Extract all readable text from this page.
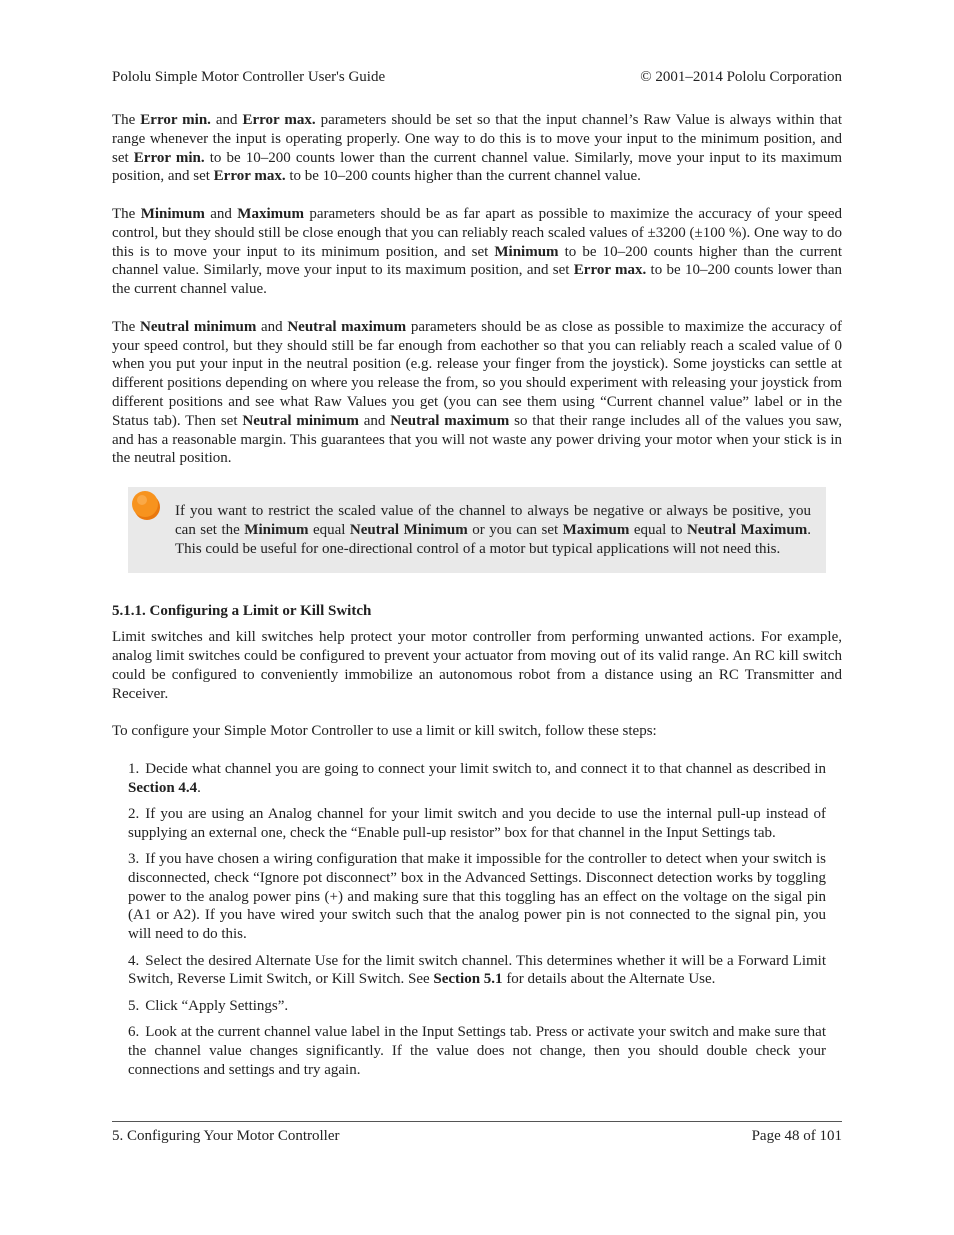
Pololu Simple Motor Controller User's Guide	© 2001–2014 Pololu Corporation

The Error min. and Error max. parameters should be set so that the input channel’s Raw Value is always within that range whenever the input is operating properly. One way to do this is to move your input to the minimum position, and set Error min. to be 10–200 counts lower than the current channel value. Similarly, move your input to its maximum position, and set Error max. to be 10–200 counts higher than the current channel value.

The Minimum and Maximum parameters should be as far apart as possible to maximize the accuracy of your speed control, but they should still be close enough that you can reliably reach scaled values of ±3200 (±100 %). One way to do this is to move your input to its minimum position, and set Minimum to be 10–200 counts higher than the current channel value. Similarly, move your input to its maximum position, and set Error max. to be 10–200 counts lower than the current channel value.

The Neutral minimum and Neutral maximum parameters should be as close as possible to maximize the accuracy of your speed control, but they should still be far enough from eachother so that you can reliably reach a scaled value of 0 when you put your input in the neutral position (e.g. release your finger from the joystick). Some joysticks can settle at different positions depending on where you release the from, so you should experiment with releasing your joystick from different positions and see what Raw Values you get (you can see them using “Current channel value” label or in the Status tab). Then set Neutral minimum and Neutral maximum so that their range includes all of the values you saw, and has a reasonable margin. This guarantees that you will not waste any power driving your motor when your stick is in the neutral position.

If you want to restrict the scaled value of the channel to always be negative or always be positive, you can set the Minimum equal Neutral Minimum or you can set Maximum equal to Neutral Maximum. This could be useful for one-directional control of a motor but typical applications will not need this.

5.1.1. Configuring a Limit or Kill Switch

Limit switches and kill switches help protect your motor controller from performing unwanted actions. For example, analog limit switches could be configured to prevent your actuator from moving out of its valid range. An RC kill switch could be configured to conveniently immobilize an autonomous robot from a distance using an RC Transmitter and Receiver.

To configure your Simple Motor Controller to use a limit or kill switch, follow these steps:

1. Decide what channel you are going to connect your limit switch to, and connect it to that channel as described in Section 4.4.
2. If you are using an Analog channel for your limit switch and you decide to use the internal pull-up instead of supplying an external one, check the “Enable pull-up resistor” box for that channel in the Input Settings tab.
3. If you have chosen a wiring configuration that make it impossible for the controller to detect when your switch is disconnected, check “Ignore pot disconnect” box in the Advanced Settings. Disconnect detection works by toggling power to the analog power pins (+) and making sure that this toggling has an effect on the voltage on the sigal pin (A1 or A2). If you have wired your switch such that the analog power pin is not connected to the signal pin, you will need to do this.
4. Select the desired Alternate Use for the limit switch channel. This determines whether it will be a Forward Limit Switch, Reverse Limit Switch, or Kill Switch. See Section 5.1 for details about the Alternate Use.
5. Click “Apply Settings”.
6. Look at the current channel value label in the Input Settings tab. Press or activate your switch and make sure that the channel value changes significantly. If the value does not change, then you should double check your connections and settings and try again.
5. Configuring Your Motor Controller	Page 48 of 101
